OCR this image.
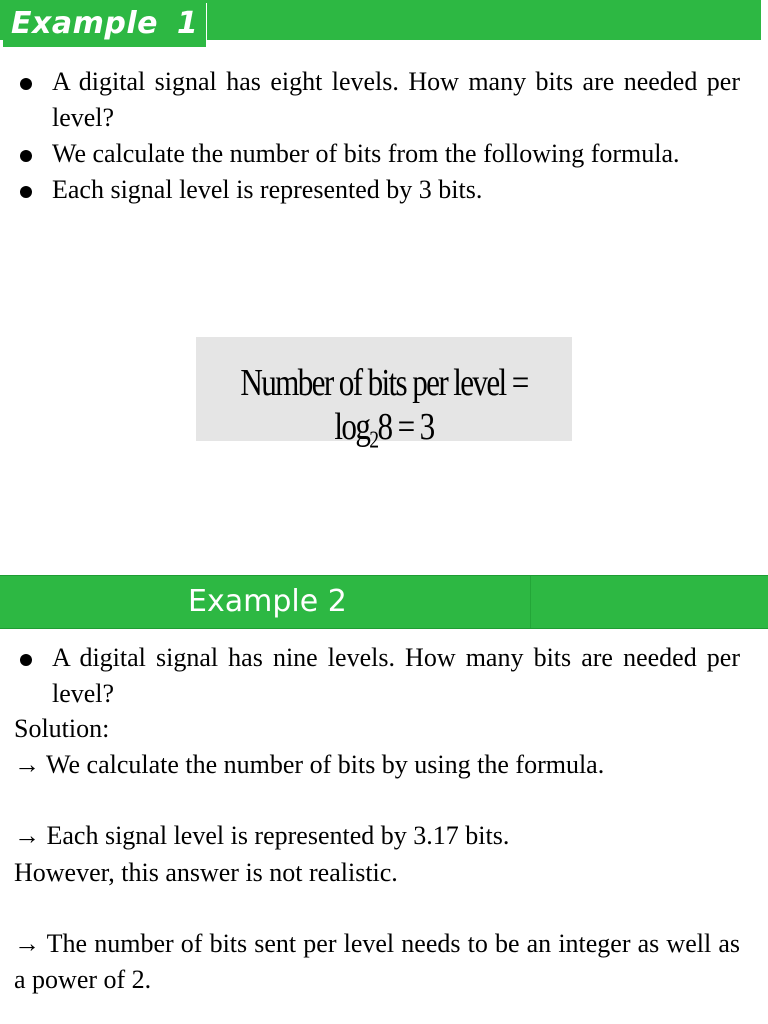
Example 1
A digital signal has eight levels. How many bits are needed per level?
We calculate the number of bits from the following formula.
Each signal level is represented by 3 bits.
Number of bits per level = $\log_28 = 3$
Example 2
A digital signal has nine levels. How many bits are needed per level?
Solution:
→ We calculate the number of bits by using the formula.
→ Each signal level is represented by 3.17 bits.
However, this answer is not realistic.
→ The number of bits sent per level needs to be an integer as well as a power of 2.
